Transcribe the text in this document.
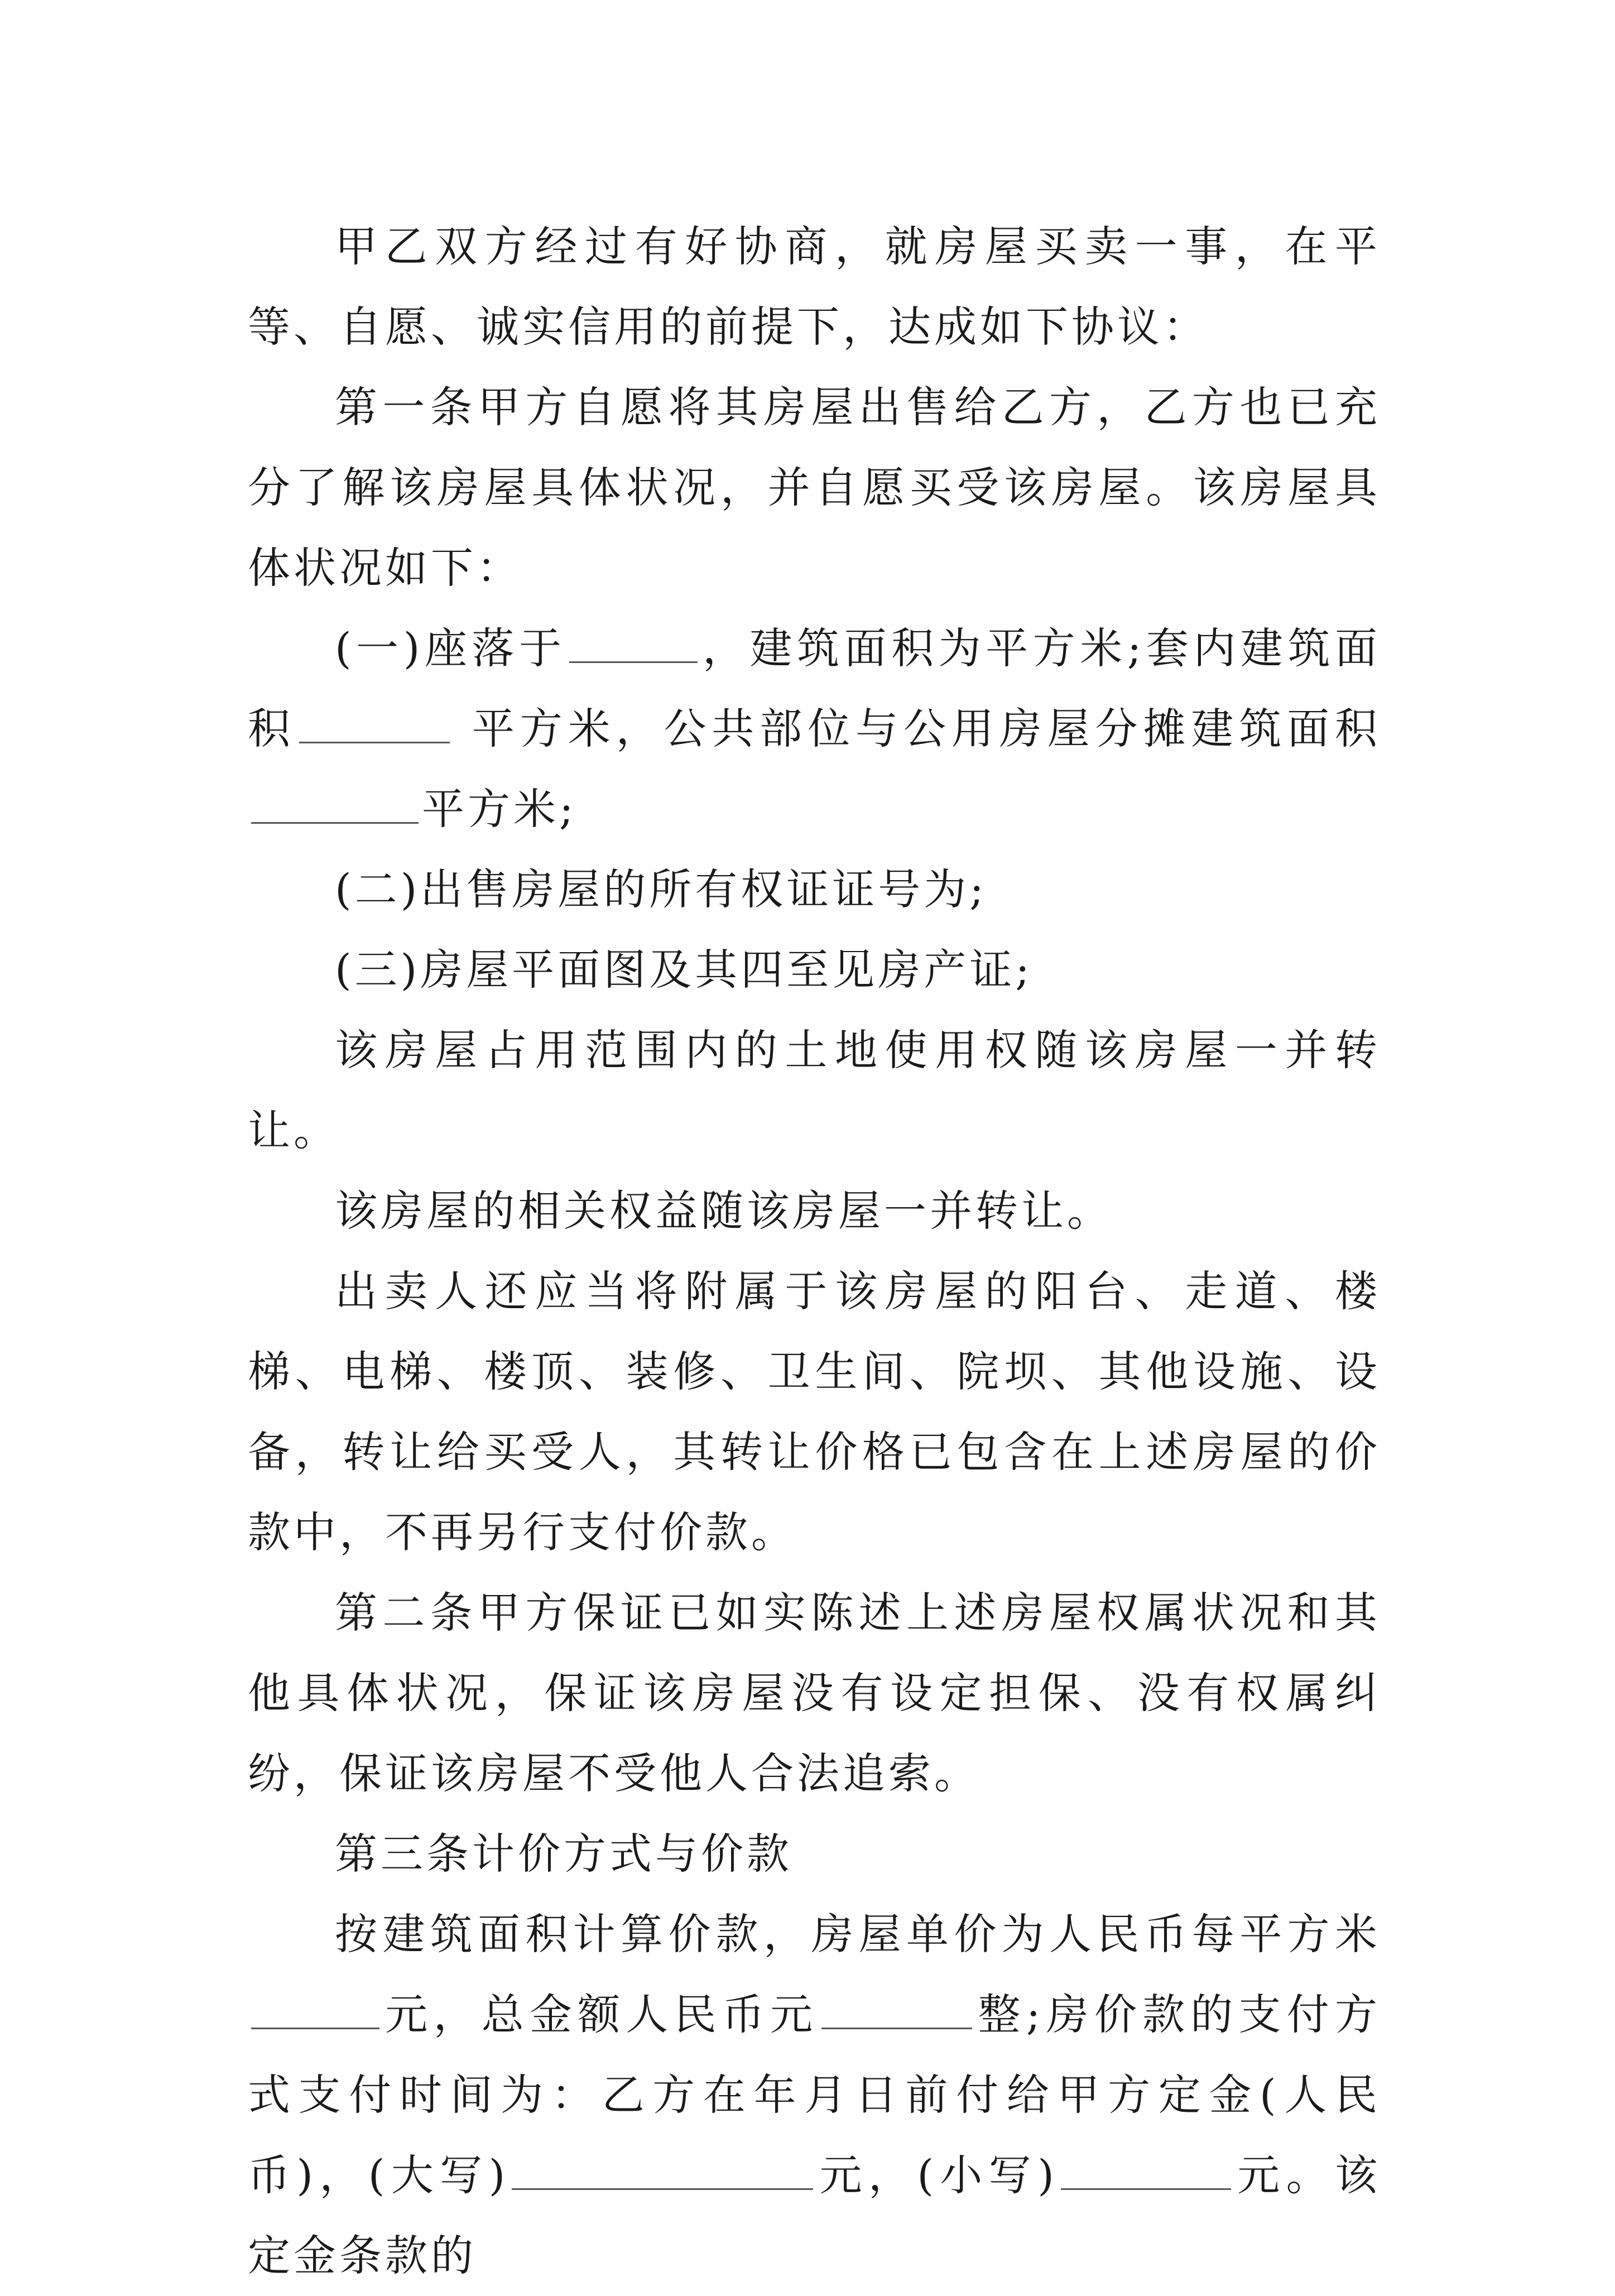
甲乙双方经过有好协商，就房屋买卖一事，在平等、自愿、诚实信用的前提下，达成如下协议：

第一条甲方自愿将其房屋出售给乙方，乙方也已充分了解该房屋具体状况，并自愿买受该房屋。该房屋具体状况如下：

(一)座落于	，建筑面积为平方米;套内建筑面积	平方米，公共部位与公用房屋分摊建筑面积平方米;

(二)出售房屋的所有权证证号为;

(三)房屋平面图及其四至见房产证;

该房屋占用范围内的土地使用权随该房屋一并转让。

该房屋的相关权益随该房屋一并转让。

出卖人还应当将附属于该房屋的阳台、走道、楼梯、电梯、楼顶、装修、卫生间、院坝、其他设施、设备，转让给买受人，其转让价格已包含在上述房屋的价款中，不再另行支付价款。

第二条甲方保证已如实陈述上述房屋权属状况和其他具体状况，保证该房屋没有设定担保、没有权属纠纷，保证该房屋不受他人合法追索。

第三条计价方式与价款

按建筑面积计算价款，房屋单价为人民币每平方米元，总金额人民币元	整;房价款的支付方式支付时间为：乙方在年月日前付给甲方定金(人民币)，(大写)	元，(小写)	元。该定金条款的
